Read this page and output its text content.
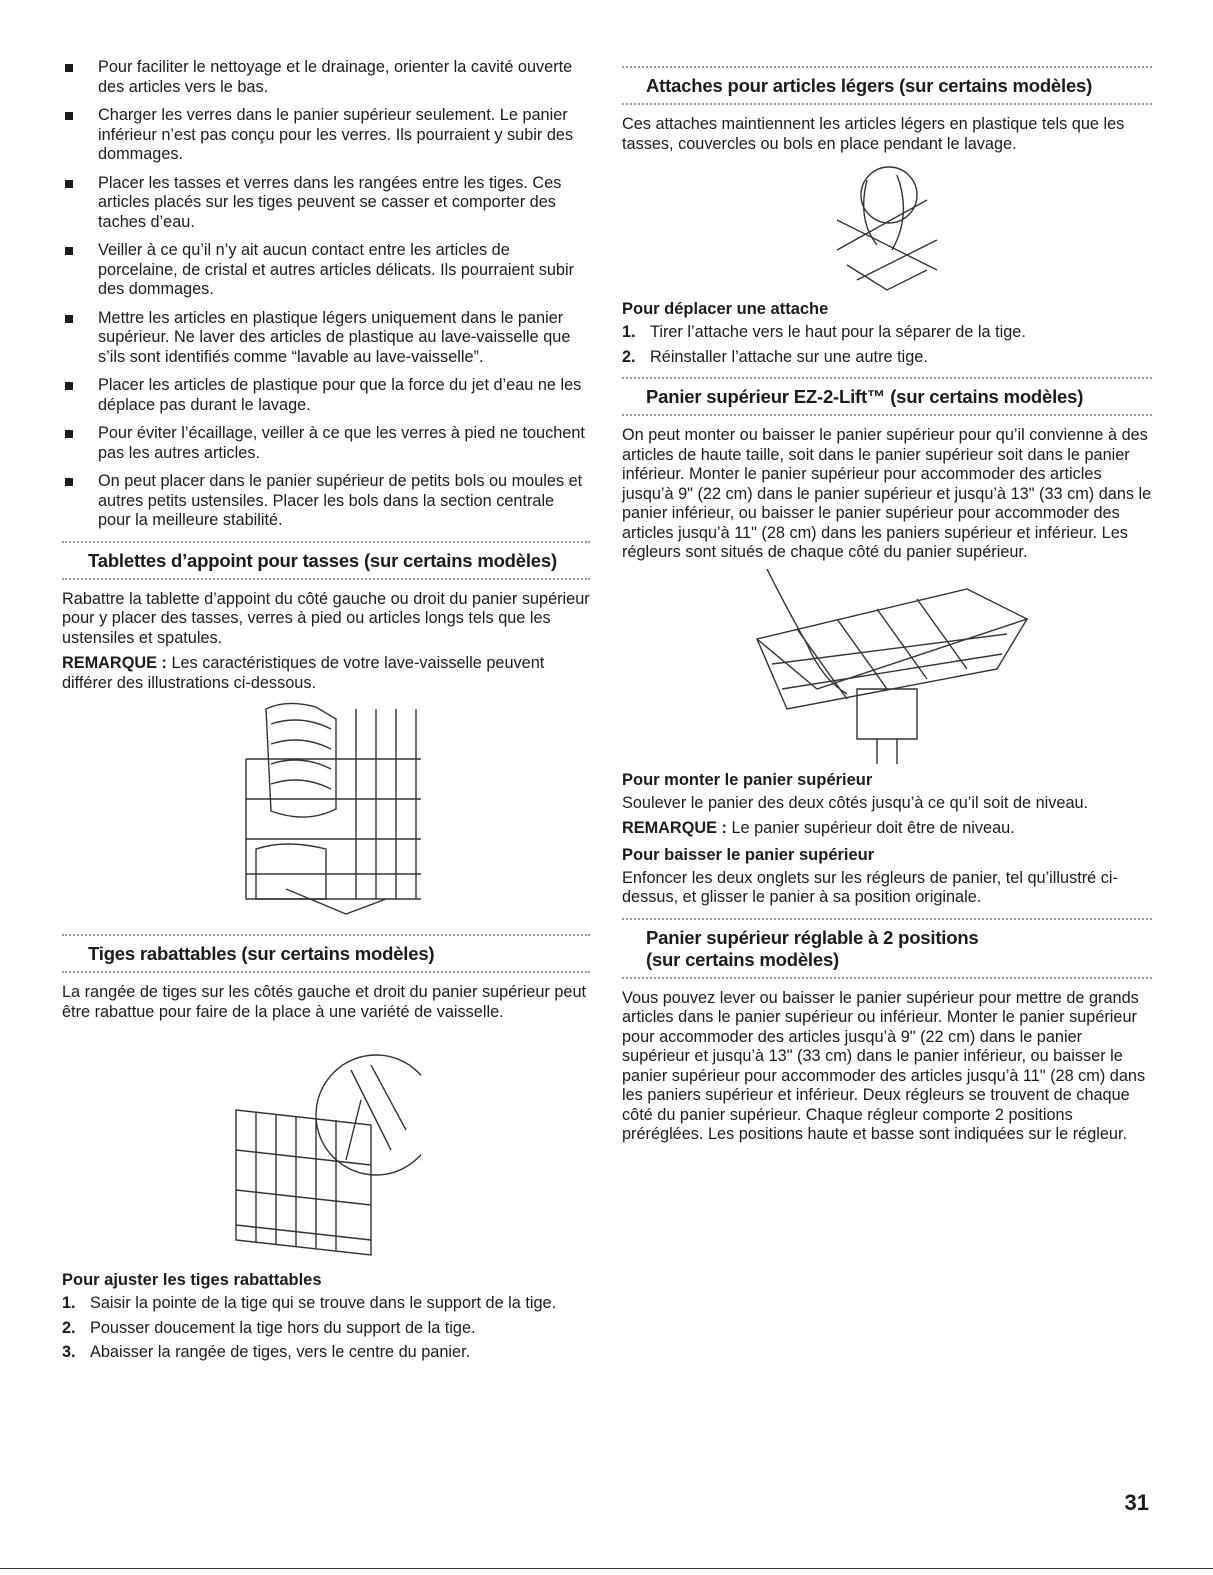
Pour faciliter le nettoyage et le drainage, orienter la cavité ouverte des articles vers le bas.
Charger les verres dans le panier supérieur seulement. Le panier inférieur n’est pas conçu pour les verres. Ils pourraient y subir des dommages.
Placer les tasses et verres dans les rangées entre les tiges. Ces articles placés sur les tiges peuvent se casser et comporter des taches d’eau.
Veiller à ce qu’il n’y ait aucun contact entre les articles de porcelaine, de cristal et autres articles délicats. Ils pourraient subir des dommages.
Mettre les articles en plastique légers uniquement dans le panier supérieur. Ne laver des articles de plastique au lave-vaisselle que s’ils sont identifiés comme “lavable au lave-vaisselle”.
Placer les articles de plastique pour que la force du jet d’eau ne les déplace pas durant le lavage.
Pour éviter l’écaillage, veiller à ce que les verres à pied ne touchent pas les autres articles.
On peut placer dans le panier supérieur de petits bols ou moules et autres petits ustensiles. Placer les bols dans la section centrale pour la meilleure stabilité.
Tablettes d’appoint pour tasses (sur certains modèles)

Rabattre la tablette d’appoint du côté gauche ou droit du panier supérieur pour y placer des tasses, verres à pied ou articles longs tels que les ustensiles et spatules.

REMARQUE : Les caractéristiques de votre lave-vaisselle peuvent différer des illustrations ci-dessous.

Tiges rabattables (sur certains modèles)

La rangée de tiges sur les côtés gauche et droit du panier supérieur peut être rabattue pour faire de la place à une variété de vaisselle.

Pour ajuster les tiges rabattables
1. Saisir la pointe de la tige qui se trouve dans le support de la tige.
2. Pousser doucement la tige hors du support de la tige.
3. Abaisser la rangée de tiges, vers le centre du panier.
Attaches pour articles légers (sur certains modèles)

Ces attaches maintiennent les articles légers en plastique tels que les tasses, couvercles ou bols en place pendant le lavage.

Pour déplacer une attache
1. Tirer l’attache vers le haut pour la séparer de la tige.
2. Réinstaller l’attache sur une autre tige.
Panier supérieur EZ-2-Lift™ (sur certains modèles)

On peut monter ou baisser le panier supérieur pour qu’il convienne à des articles de haute taille, soit dans le panier supérieur soit dans le panier inférieur. Monter le panier supérieur pour accommoder des articles jusqu’à 9" (22 cm) dans le panier supérieur et jusqu’à 13" (33 cm) dans le panier inférieur, ou baisser le panier supérieur pour accommoder des articles jusqu’à 11" (28 cm) dans les paniers supérieur et inférieur. Les régleurs sont situés de chaque côté du panier supérieur.

Pour monter le panier supérieur

Soulever le panier des deux côtés jusqu’à ce qu’il soit de niveau.

REMARQUE : Le panier supérieur doit être de niveau.

Pour baisser le panier supérieur

Enfoncer les deux onglets sur les régleurs de panier, tel qu’illustré ci-dessus, et glisser le panier à sa position originale.

Panier supérieur réglable à 2 positions
(sur certains modèles)

Vous pouvez lever ou baisser le panier supérieur pour mettre de grands articles dans le panier supérieur ou inférieur. Monter le panier supérieur pour accommoder des articles jusqu’à 9" (22 cm) dans le panier supérieur et jusqu’à 13" (33 cm) dans le panier inférieur, ou baisser le panier supérieur pour accommoder des articles jusqu’à 11" (28 cm) dans les paniers supérieur et inférieur. Deux régleurs se trouvent de chaque côté du panier supérieur. Chaque régleur comporte 2 positions préréglées. Les positions haute et basse sont indiquées sur le régleur.

31
